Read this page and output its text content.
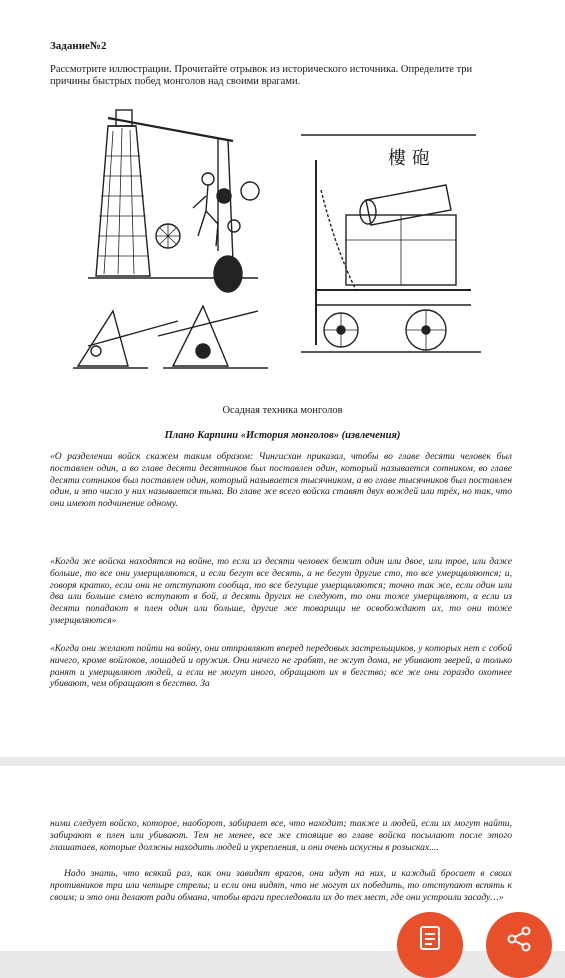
Задание№2
Рассмотрите иллюстрации. Прочитайте отрывок из исторического источника. Определите три причины быстрых побед монголов над своими врагами.
樓 砲
Осадная техника монголов
Плано Карпини «История монголов» (извлечения)

«О разделении войск скажем таким образом: Чингисхан приказал, чтобы во главе десяти человек был поставлен один, а во главе десяти десятников был поставлен один, который называется сотником, во главе десяти сотников был поставлен один, который называется тысячником, а во главе тысячников был поставлен один, и это число у них называется тьма. Во главе же всего войска ставят двух вождей или трёх, но так, что они имеют подчинение одному.

«Когда же войска находятся на войне, то если из десяти человек бежит один или двое, или трое, или даже больше, то все они умерщвляются, и если бегут все десять, а не бегут другие сто, то все умерщвляются; и, говоря кратко, если они не отступают сообща, то все бегущие умерщвляются; точно так же, если один или два или больше смело вступают в бой, а десять других не следуют, то они тоже умерщвляют, а если из десяти попадают в плен один или больше, другие же товарищи не освобождают их, то они тоже умерщвляются»

«Когда они желают пойти на войну, они отправляют вперед передовых застрельщиков, у которых нет с собой ничего, кроме войлоков, лошадей и оружия. Они ничего не грабят, не жгут дома, не убивают зверей, а только ранят и умерщвляют людей, а если не могут иного, обращают их в бегство; все же они гораздо охотнее убивают, чем обращают в бегство. За

ними следует войско, которое, наоборот, забирает все, что находит; также и людей, если их могут найти, забирают в плен или убивают. Тем не менее, все же стоящие во главе войска посылают после этого глашатаев, которые должны находить людей и укрепления, и они очень искусны в розысках....

Надо знать, что всякий раз, как они завидят врагов, они идут на них, и каждый бросает в своих противников три или четыре стрелы; и если они видят, что не могут их победить, то отступают вспять к своим; и это они делают ради обмана, чтобы враги преследовали их до тех мест, где они устроили засаду…»
